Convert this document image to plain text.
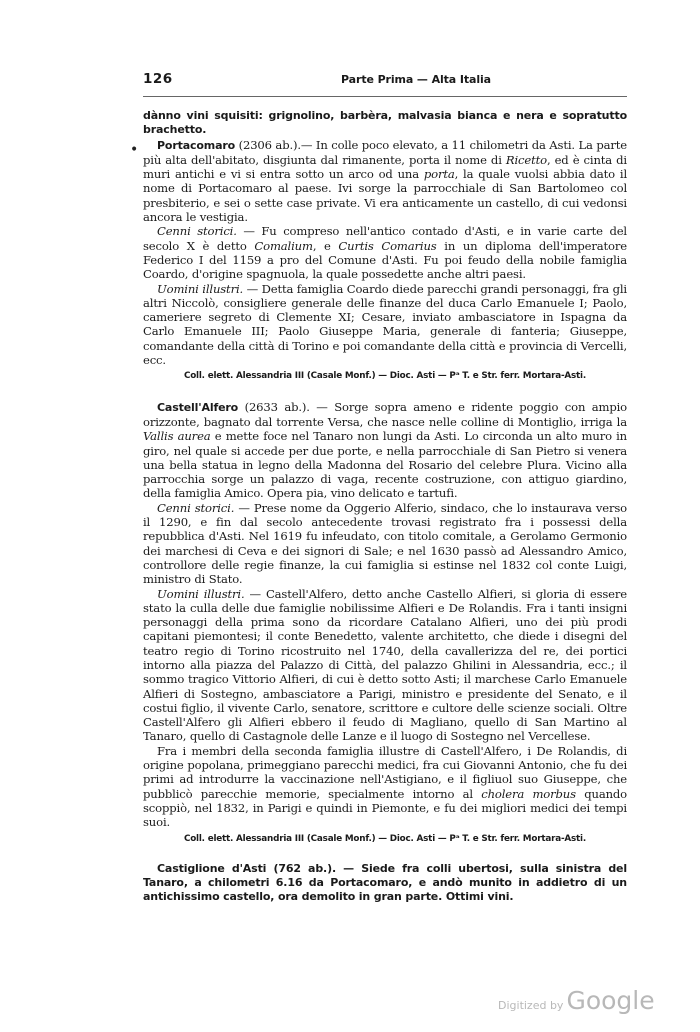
•
126	Parte Prima — Alta Italia

dànno vini squisiti: grignolino, barbèra, malvasia bianca e nera e sopratutto brachetto.

Portacomaro (2306 ab.).— In colle poco elevato, a 11 chilometri da Asti. La parte più alta dell'abitato, disgiunta dal rimanente, porta il nome di Ricetto, ed è cinta di muri antichi e vi si entra sotto un arco od una porta, la quale vuolsi abbia dato il nome di Portacomaro al paese. Ivi sorge la parrocchiale di San Bartolomeo col presbiterio, e sei o sette case private. Vi era anticamente un castello, di cui vedonsi ancora le vestigia.

Cenni storici. — Fu compreso nell'antico contado d'Asti, e in varie carte del secolo X è detto Comalium, e Curtis Comarius in un diploma dell'imperatore Federico I del 1159 a pro del Comune d'Asti. Fu poi feudo della nobile famiglia Coardo, d'origine spagnuola, la quale possedette anche altri paesi.

Uomini illustri. — Detta famiglia Coardo diede parecchi grandi personaggi, fra gli altri Niccolò, consigliere generale delle finanze del duca Carlo Emanuele I; Paolo, cameriere segreto di Clemente XI; Cesare, inviato ambasciatore in Ispagna da Carlo Emanuele III; Paolo Giuseppe Maria, generale di fanteria; Giuseppe, comandante della città di Torino e poi comandante della città e provincia di Vercelli, ecc.

Coll. elett. Alessandria III (Casale Monf.) — Dioc. Asti — Pᵃ T. e Str. ferr. Mortara-Asti.

Castell'Alfero (2633 ab.). — Sorge sopra ameno e ridente poggio con ampio orizzonte, bagnato dal torrente Versa, che nasce nelle colline di Montiglio, irriga la Vallis aurea e mette foce nel Tanaro non lungi da Asti. Lo circonda un alto muro in giro, nel quale si accede per due porte, e nella parrocchiale di San Pietro si venera una bella statua in legno della Madonna del Rosario del celebre Plura. Vicino alla parrocchia sorge un palazzo di vaga, recente costruzione, con attiguo giardino, della famiglia Amico. Opera pia, vino delicato e tartufi.

Cenni storici. — Prese nome da Oggerio Alferio, sindaco, che lo instaurava verso il 1290, e fin dal secolo antecedente trovasi registrato fra i possessi della repubblica d'Asti. Nel 1619 fu infeudato, con titolo comitale, a Gerolamo Germonio dei marchesi di Ceva e dei signori di Sale; e nel 1630 passò ad Alessandro Amico, controllore delle regie finanze, la cui famiglia si estinse nel 1832 col conte Luigi, ministro di Stato.

Uomini illustri. — Castell'Alfero, detto anche Castello Alfieri, si gloria di essere stato la culla delle due famiglie nobilissime Alfieri e De Rolandis. Fra i tanti insigni personaggi della prima sono da ricordare Catalano Alfieri, uno dei più prodi capitani piemontesi; il conte Benedetto, valente architetto, che diede i disegni del teatro regio di Torino ricostruito nel 1740, della cavallerizza del re, dei portici intorno alla piazza del Palazzo di Città, del palazzo Ghilini in Alessandria, ecc.; il sommo tragico Vittorio Alfieri, di cui è detto sotto Asti; il marchese Carlo Emanuele Alfieri di Sostegno, ambasciatore a Parigi, ministro e presidente del Senato, e il costui figlio, il vivente Carlo, senatore, scrittore e cultore delle scienze sociali. Oltre Castell'Alfero gli Alfieri ebbero il feudo di Magliano, quello di San Martino al Tanaro, quello di Castagnole delle Lanze e il luogo di Sostegno nel Vercellese.

Fra i membri della seconda famiglia illustre di Castell'Alfero, i De Rolandis, di origine popolana, primeggiano parecchi medici, fra cui Giovanni Antonio, che fu dei primi ad introdurre la vaccinazione nell'Astigiano, e il figliuol suo Giuseppe, che pubblicò parecchie memorie, specialmente intorno al cholera morbus quando scoppiò, nel 1832, in Parigi e quindi in Piemonte, e fu dei migliori medici dei tempi suoi.

Coll. elett. Alessandria III (Casale Monf.) — Dioc. Asti — Pᵃ T. e Str. ferr. Mortara-Asti.

Castiglione d'Asti (762 ab.). — Siede fra colli ubertosi, sulla sinistra del Tanaro, a chilometri 6.16 da Portacomaro, e andò munito in addietro di un antichissimo castello, ora demolito in gran parte. Ottimi vini.

Digitized by Google
